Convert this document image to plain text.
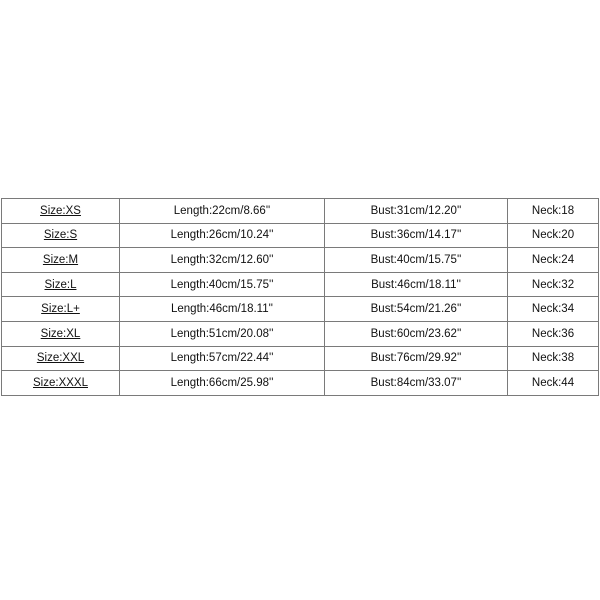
Size:XS	Length:22cm/8.66''	Bust:31cm/12.20''	Neck:18
Size:S	Length:26cm/10.24''	Bust:36cm/14.17''	Neck:20
Size:M	Length:32cm/12.60''	Bust:40cm/15.75''	Neck:24
Size:L	Length:40cm/15.75''	Bust:46cm/18.11''	Neck:32
Size:L+	Length:46cm/18.11''	Bust:54cm/21.26''	Neck:34
Size:XL	Length:51cm/20.08''	Bust:60cm/23.62''	Neck:36
Size:XXL	Length:57cm/22.44''	Bust:76cm/29.92''	Neck:38
Size:XXXL	Length:66cm/25.98''	Bust:84cm/33.07''	Neck:44
